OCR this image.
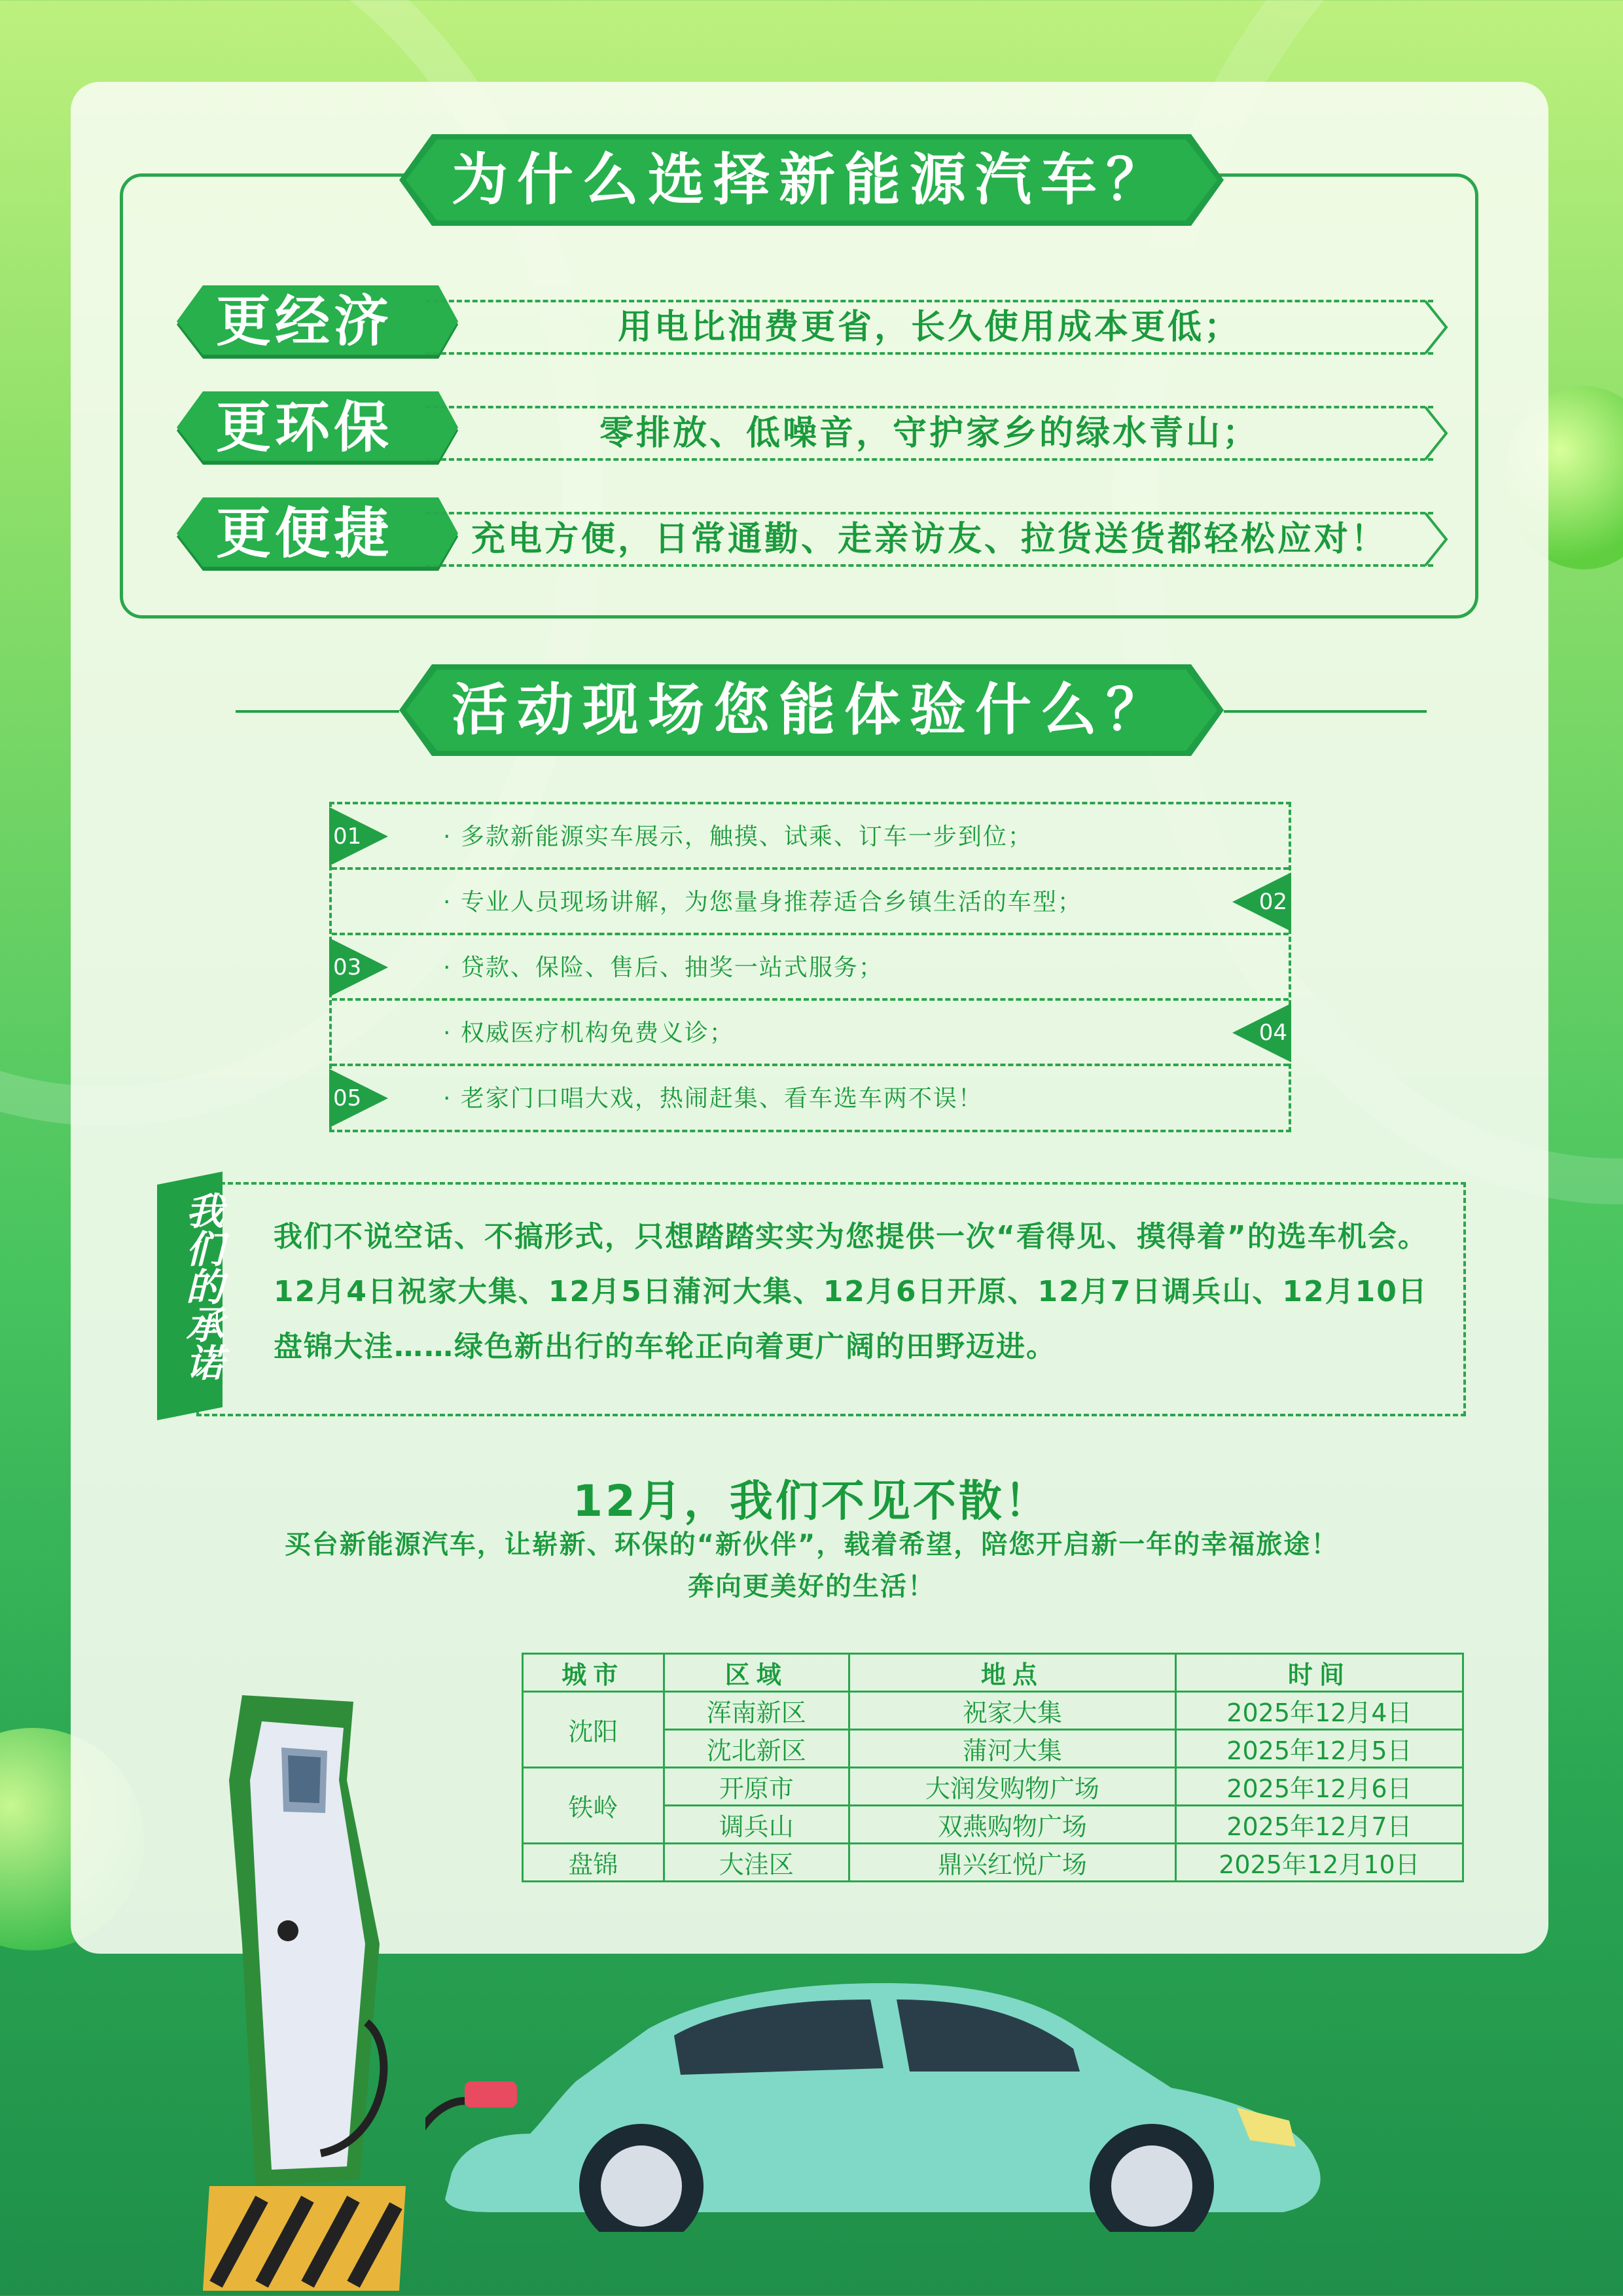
为什么选择新能源汽车？
更经济	用电比油费更省，长久使用成本更低；
更环保	零排放、低噪音，守护家乡的绿水青山；
更便捷	充电方便，日常通勤、走亲访友、拉货送货都轻松应对！
活动现场您能体验什么？
· 多款新能源实车展示，触摸、试乘、订车一步到位；
· 专业人员现场讲解，为您量身推荐适合乡镇生活的车型；
· 贷款、保险、售后、抽奖一站式服务；
· 权威医疗机构免费义诊；
· 老家门口唱大戏，热闹赶集、看车选车两不误！
01
02
03
04
05
我们的承诺 我们不说空话、不搞形式，只想踏踏实实为您提供一次“看得见、摸得着”的选车机会。12月4日祝家大集、12月5日蒲河大集、12月6日开原、12月7日调兵山、12月10日盘锦大洼……绿色新出行的车轮正向着更广阔的田野迈进。
12月，我们不见不散！
买台新能源汽车，让崭新、环保的“新伙伴”，载着希望，陪您开启新一年的幸福旅途！
奔向更美好的生活！
城市	区域	地点	时间
沈阳	浑南新区	祝家大集	2025年12月4日
	沈北新区	蒲河大集	2025年12月5日
铁岭	开原市	大润发购物广场	2025年12月6日
	调兵山	双燕购物广场	2025年12月7日
盘锦	大洼区	鼎兴红悦广场	2025年12月10日
